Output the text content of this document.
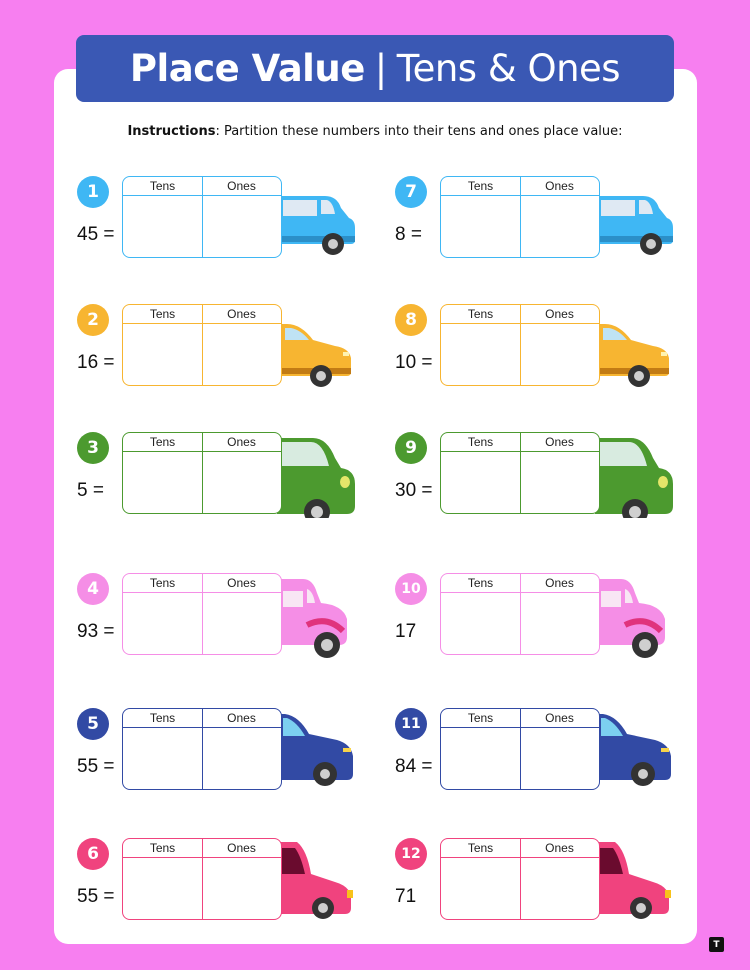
Place Value | Tens & Ones
Instructions: Partition these numbers into their tens and ones place value:
Tens	Ones
1
45 =
Tens	Ones
2
16 =
Tens	Ones
3
5 =
Tens	Ones
4
93 =
Tens	Ones
5
55 =
Tens	Ones
6
55 =
Tens	Ones
7
8 =
Tens	Ones
8
10 =
Tens	Ones
9
30 =
Tens	Ones
10
17
Tens	Ones
11
84 =
Tens	Ones
12
71
T
